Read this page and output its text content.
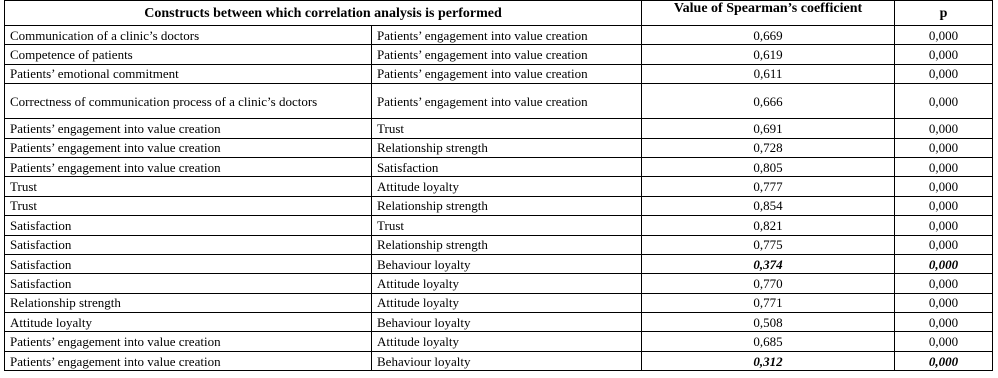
Constructs between which correlation analysis is performed		Value of Spearman’s coefficient	p
Communication of a clinic’s doctors	Patients’ engagement into value creation	0,669	0,000
Competence of patients	Patients’ engagement into value creation	0,619	0,000
Patients’ emotional commitment	Patients’ engagement into value creation	0,611	0,000
Correctness of communication process of a clinic’s doctors	Patients’ engagement into value creation	0,666	0,000
Patients’ engagement into value creation	Trust	0,691	0,000
Patients’ engagement into value creation	Relationship strength	0,728	0,000
Patients’ engagement into value creation	Satisfaction	0,805	0,000
Trust	Attitude loyalty	0,777	0,000
Trust	Relationship strength	0,854	0,000
Satisfaction	Trust	0,821	0,000
Satisfaction	Relationship strength	0,775	0,000
Satisfaction	Behaviour loyalty	0,374	0,000
Satisfaction	Attitude loyalty	0,770	0,000
Relationship strength	Attitude loyalty	0,771	0,000
Attitude loyalty	Behaviour loyalty	0,508	0,000
Patients’ engagement into value creation	Attitude loyalty	0,685	0,000
Patients’ engagement into value creation	Behaviour loyalty	0,312	0,000
